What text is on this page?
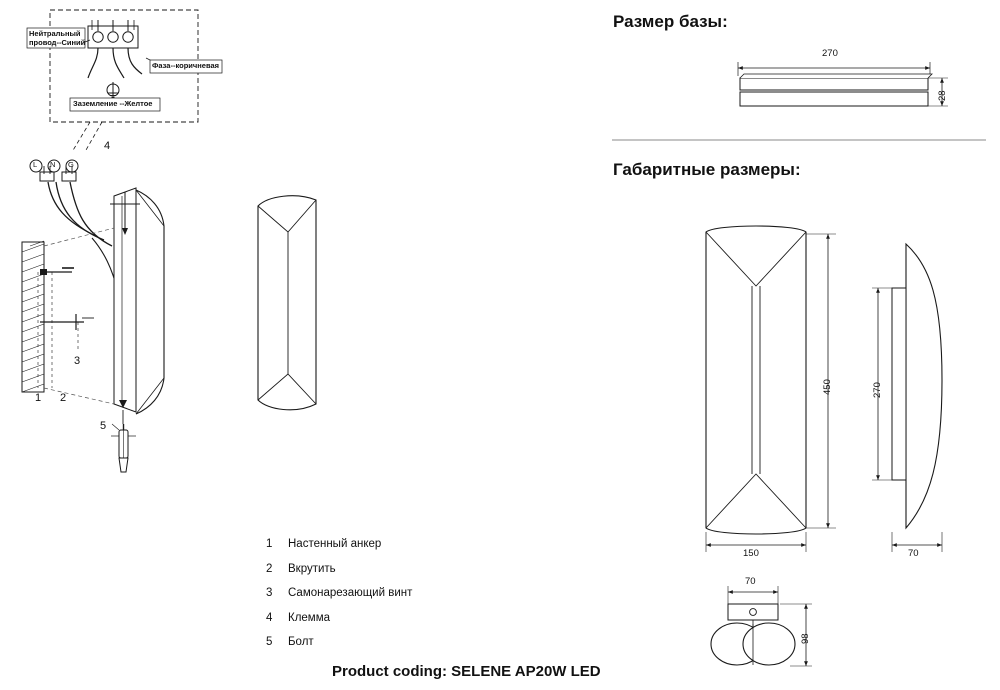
Нейтральный
провод--Синий
Фаза--коричневая
Заземление --Желтое
L N G
1 2
3
4
5
Размер базы:
Габаритные размеры:
270
28
450
150
270
70
70
98
1	Настенный анкер
2	Вкрутить
3	Самонарезающий винт
4	Клемма
5	Болт
Product coding: SELENE AP20W LED
